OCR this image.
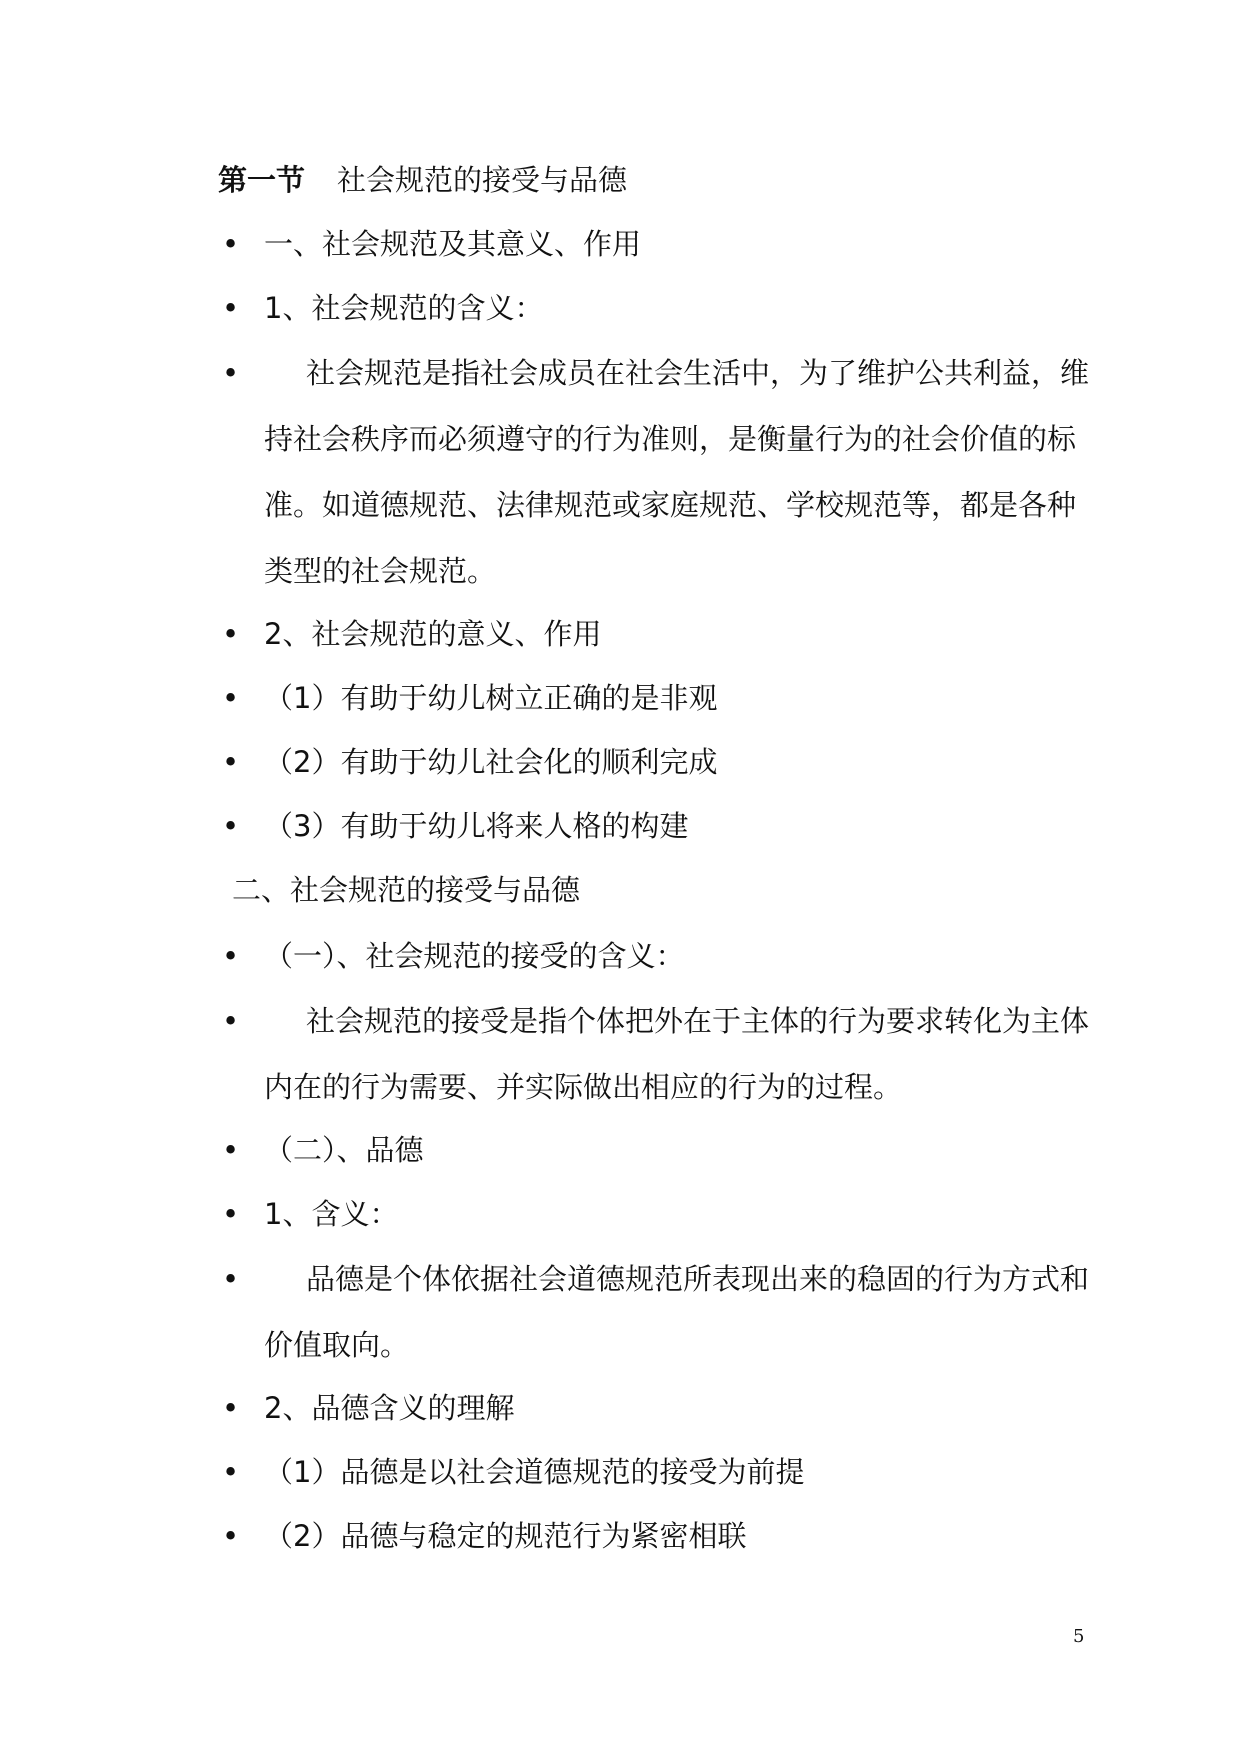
第一节 社会规范的接受与品德
• 一、社会规范及其意义、作用
• 1、社会规范的含义：
•	社会规范是指社会成员在社会生活中，为了维护公共利益，维持社会秩序而必须遵守的行为准则，是衡量行为的社会价值的标准。如道德规范、法律规范或家庭规范、学校规范等，都是各种类型的社会规范。
• 2、社会规范的意义、作用
• （1）有助于幼儿树立正确的是非观
• （2）有助于幼儿社会化的顺利完成
• （3）有助于幼儿将来人格的构建
二、社会规范的接受与品德
• （一）、社会规范的接受的含义：
•	社会规范的接受是指个体把外在于主体的行为要求转化为主体内在的行为需要、并实际做出相应的行为的过程。
• （二）、品德
• 1、含义：
•	品德是个体依据社会道德规范所表现出来的稳固的行为方式和价值取向。
• 2、品德含义的理解
• （1）品德是以社会道德规范的接受为前提
• （2）品德与稳定的规范行为紧密相联
5
